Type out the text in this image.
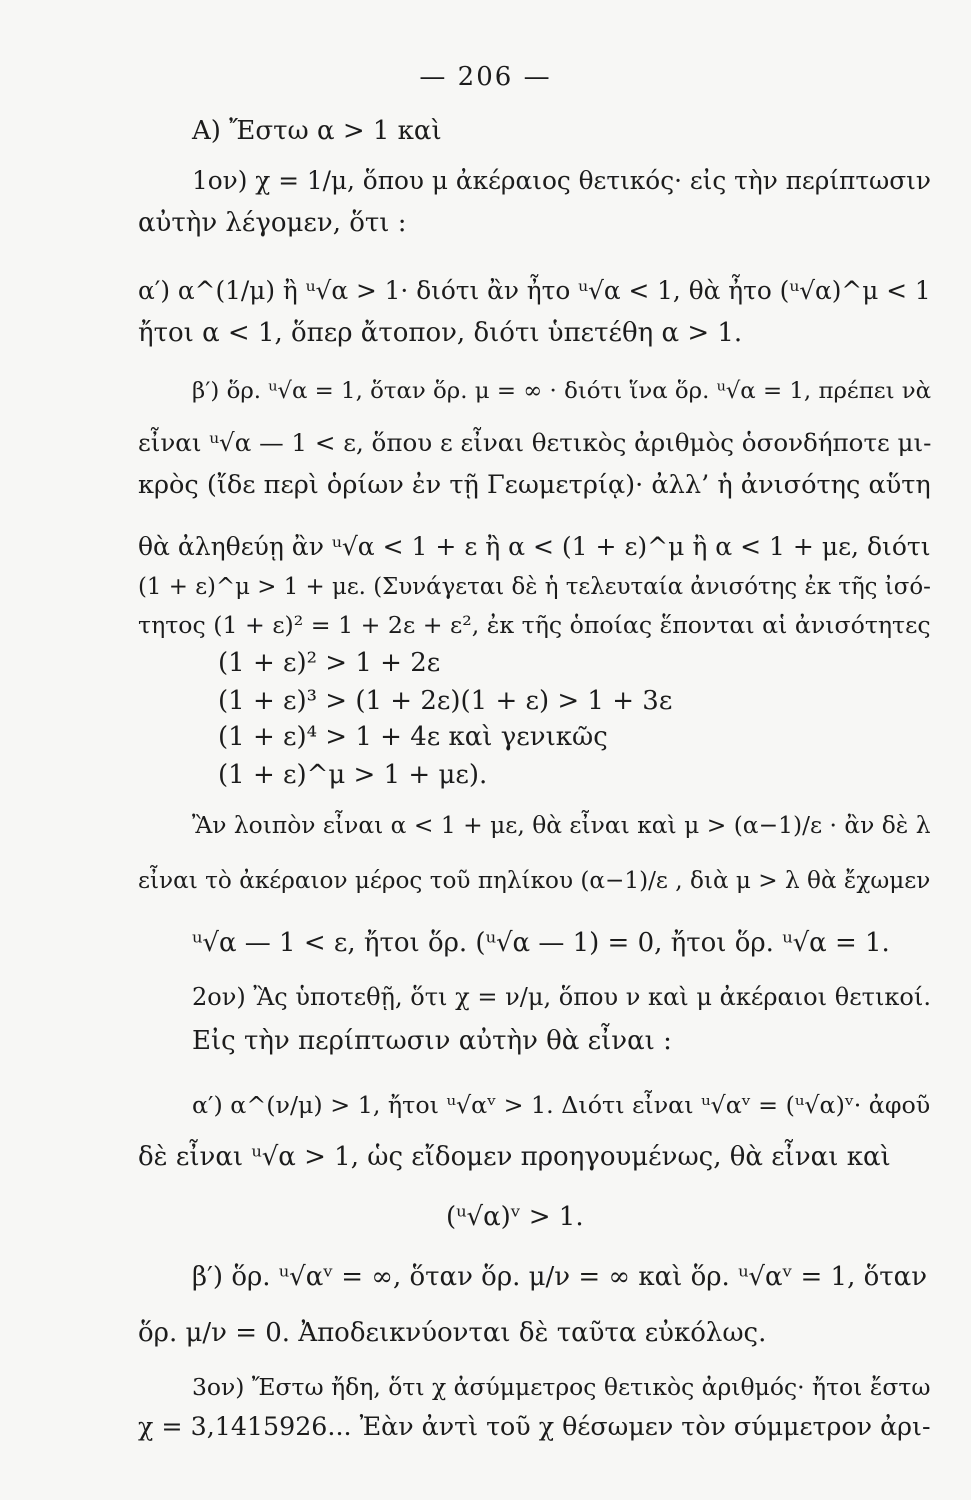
— 206 —
Α) Ἔστω α > 1 καὶ
1ον) χ = 1/μ, ὅπου μ ἀκέραιος θετικός· εἰς τὴν περίπτωσιν
αὐτὴν λέγομεν, ὅτι :
α′) α^(1/μ) ἢ ᵘ√α > 1· διότι ἂν ἦτο ᵘ√α < 1, θὰ ἦτο (ᵘ√α)^μ < 1
ἤτοι α < 1, ὅπερ ἄτοπον, διότι ὑπετέθη α > 1.
β′) ὅρ. ᵘ√α = 1, ὅταν ὅρ. μ = ∞ · διότι ἵνα ὅρ. ᵘ√α = 1, πρέπει νὰ
εἶναι ᵘ√α — 1 < ε, ὅπου ε εἶναι θετικὸς ἀριθμὸς ὁσονδήποτε μι-
κρὸς (ἴδε περὶ ὁρίων ἐν τῇ Γεωμετρίᾳ)· ἀλλ’ ἡ ἀνισότης αὕτη
θὰ ἀληθεύῃ ἂν ᵘ√α < 1 + ε ἢ α < (1 + ε)^μ ἢ α < 1 + με, διότι
(1 + ε)^μ > 1 + με. (Συνάγεται δὲ ἡ τελευταία ἀνισότης ἐκ τῆς ἰσό-
τητος (1 + ε)² = 1 + 2ε + ε², ἐκ τῆς ὁποίας ἕπονται αἱ ἀνισότητες
(1 + ε)² > 1 + 2ε
(1 + ε)³ > (1 + 2ε)(1 + ε) > 1 + 3ε
(1 + ε)⁴ > 1 + 4ε καὶ γενικῶς
(1 + ε)^μ > 1 + με).
Ἂν λοιπὸν εἶναι α < 1 + με, θὰ εἶναι καὶ μ > (α−1)/ε · ἂν δὲ λ
εἶναι τὸ ἀκέραιον μέρος τοῦ πηλίκου (α−1)/ε , διὰ μ > λ θὰ ἔχωμεν
ᵘ√α — 1 < ε, ἤτοι ὅρ. (ᵘ√α — 1) = 0, ἤτοι ὅρ. ᵘ√α = 1.
2ον) Ἂς ὑποτεθῇ, ὅτι χ = ν/μ, ὅπου ν καὶ μ ἀκέραιοι θετικοί.
Εἰς τὴν περίπτωσιν αὐτὴν θὰ εἶναι :
α′) α^(ν/μ) > 1, ἤτοι ᵘ√αᵛ > 1. Διότι εἶναι ᵘ√αᵛ = (ᵘ√α)ᵛ· ἀφοῦ
δὲ εἶναι ᵘ√α > 1, ὡς εἴδομεν προηγουμένως, θὰ εἶναι καὶ
(ᵘ√α)ᵛ > 1.
β′) ὅρ. ᵘ√αᵛ = ∞, ὅταν ὅρ. μ/ν = ∞ καὶ ὅρ. ᵘ√αᵛ = 1, ὅταν
ὅρ. μ/ν = 0. Ἀποδεικνύονται δὲ ταῦτα εὐκόλως.
3ον) Ἔστω ἤδη, ὅτι χ ἀσύμμετρος θετικὸς ἀριθμός· ἤτοι ἔστω
χ = 3,1415926... Ἐὰν ἀντὶ τοῦ χ θέσωμεν τὸν σύμμετρον ἀρι-
